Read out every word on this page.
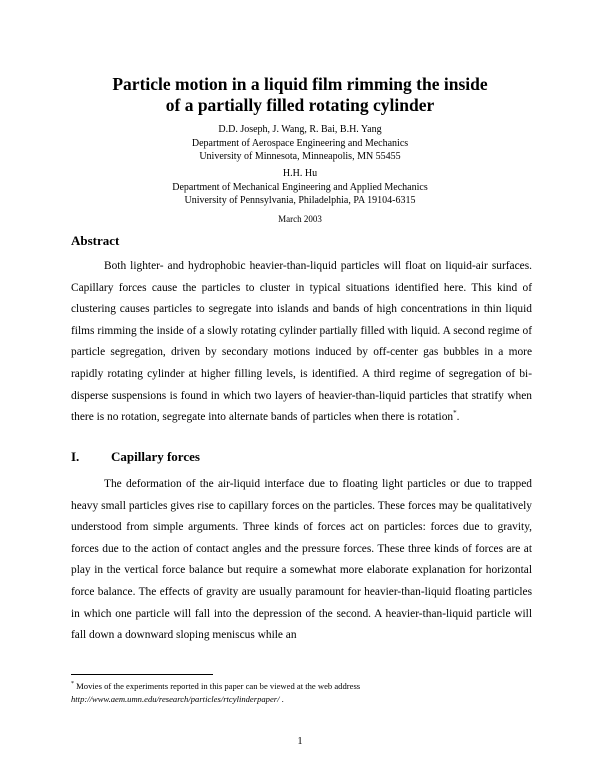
Particle motion in a liquid film rimming the inside
of a partially filled rotating cylinder
D.D. Joseph, J. Wang, R. Bai, B.H. Yang
Department of Aerospace Engineering and Mechanics
University of Minnesota, Minneapolis, MN 55455
H.H. Hu
Department of Mechanical Engineering and Applied Mechanics
University of Pennsylvania, Philadelphia, PA 19104-6315
March 2003
Abstract
Both lighter- and hydrophobic heavier-than-liquid particles will float on liquid-air surfaces. Capillary forces cause the particles to cluster in typical situations identified here. This kind of clustering causes particles to segregate into islands and bands of high concentrations in thin liquid films rimming the inside of a slowly rotating cylinder partially filled with liquid. A second regime of particle segregation, driven by secondary motions induced by off-center gas bubbles in a more rapidly rotating cylinder at higher filling levels, is identified. A third regime of segregation of bi-disperse suspensions is found in which two layers of heavier-than-liquid particles that stratify when there is no rotation, segregate into alternate bands of particles when there is rotation*.
I. Capillary forces
The deformation of the air-liquid interface due to floating light particles or due to trapped heavy small particles gives rise to capillary forces on the particles. These forces may be qualitatively understood from simple arguments. Three kinds of forces act on particles: forces due to gravity, forces due to the action of contact angles and the pressure forces. These three kinds of forces are at play in the vertical force balance but require a somewhat more elaborate explanation for horizontal force balance. The effects of gravity are usually paramount for heavier-than-liquid floating particles in which one particle will fall into the depression of the second. A heavier-than-liquid particle will fall down a downward sloping meniscus while an
* Movies of the experiments reported in this paper can be viewed at the web address
http://www.aem.umn.edu/research/particles/rtcylinderpaper/ .
1
